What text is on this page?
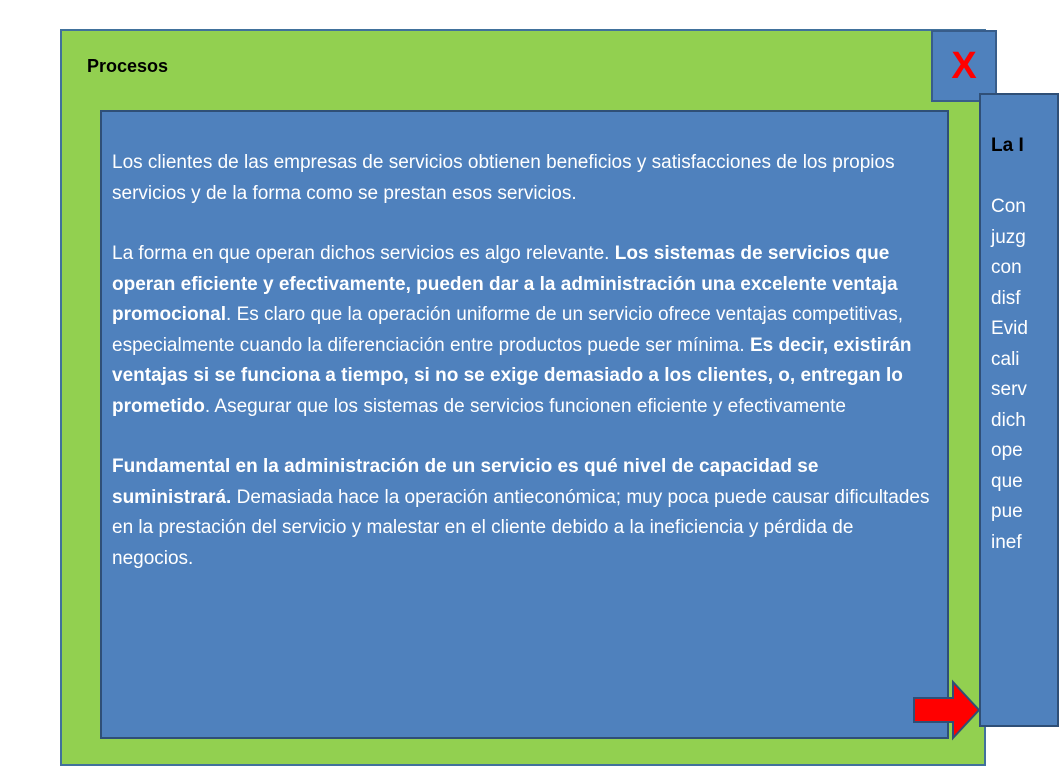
Procesos	X

Los clientes de las empresas de servicios obtienen beneficios y satisfacciones de los propios servicios y de la forma como se prestan esos servicios.

La forma en que operan dichos servicios es algo relevante. Los sistemas de servicios que operan eficiente y efectivamente, pueden dar a la administración una excelente ventaja promocional. Es claro que la operación uniforme de un servicio ofrece ventajas competitivas, especialmente cuando la diferenciación entre productos puede ser mínima. Es decir, existirán ventajas si se funciona a tiempo, si no se exige demasiado a los clientes, o, entregan lo prometido. Asegurar que los sistemas de servicios funcionen eficiente y efectivamente

Fundamental en la administración de un servicio es qué nivel de capacidad se suministrará. Demasiada hace la operación antieconómica; muy poca puede causar dificultades en la prestación del servicio y malestar en el cliente debido a la ineficiencia y pérdida de negocios.

La I
Con
juzg
con
disf
Evid
cali
serv
dich
ope
que
pue
inef
